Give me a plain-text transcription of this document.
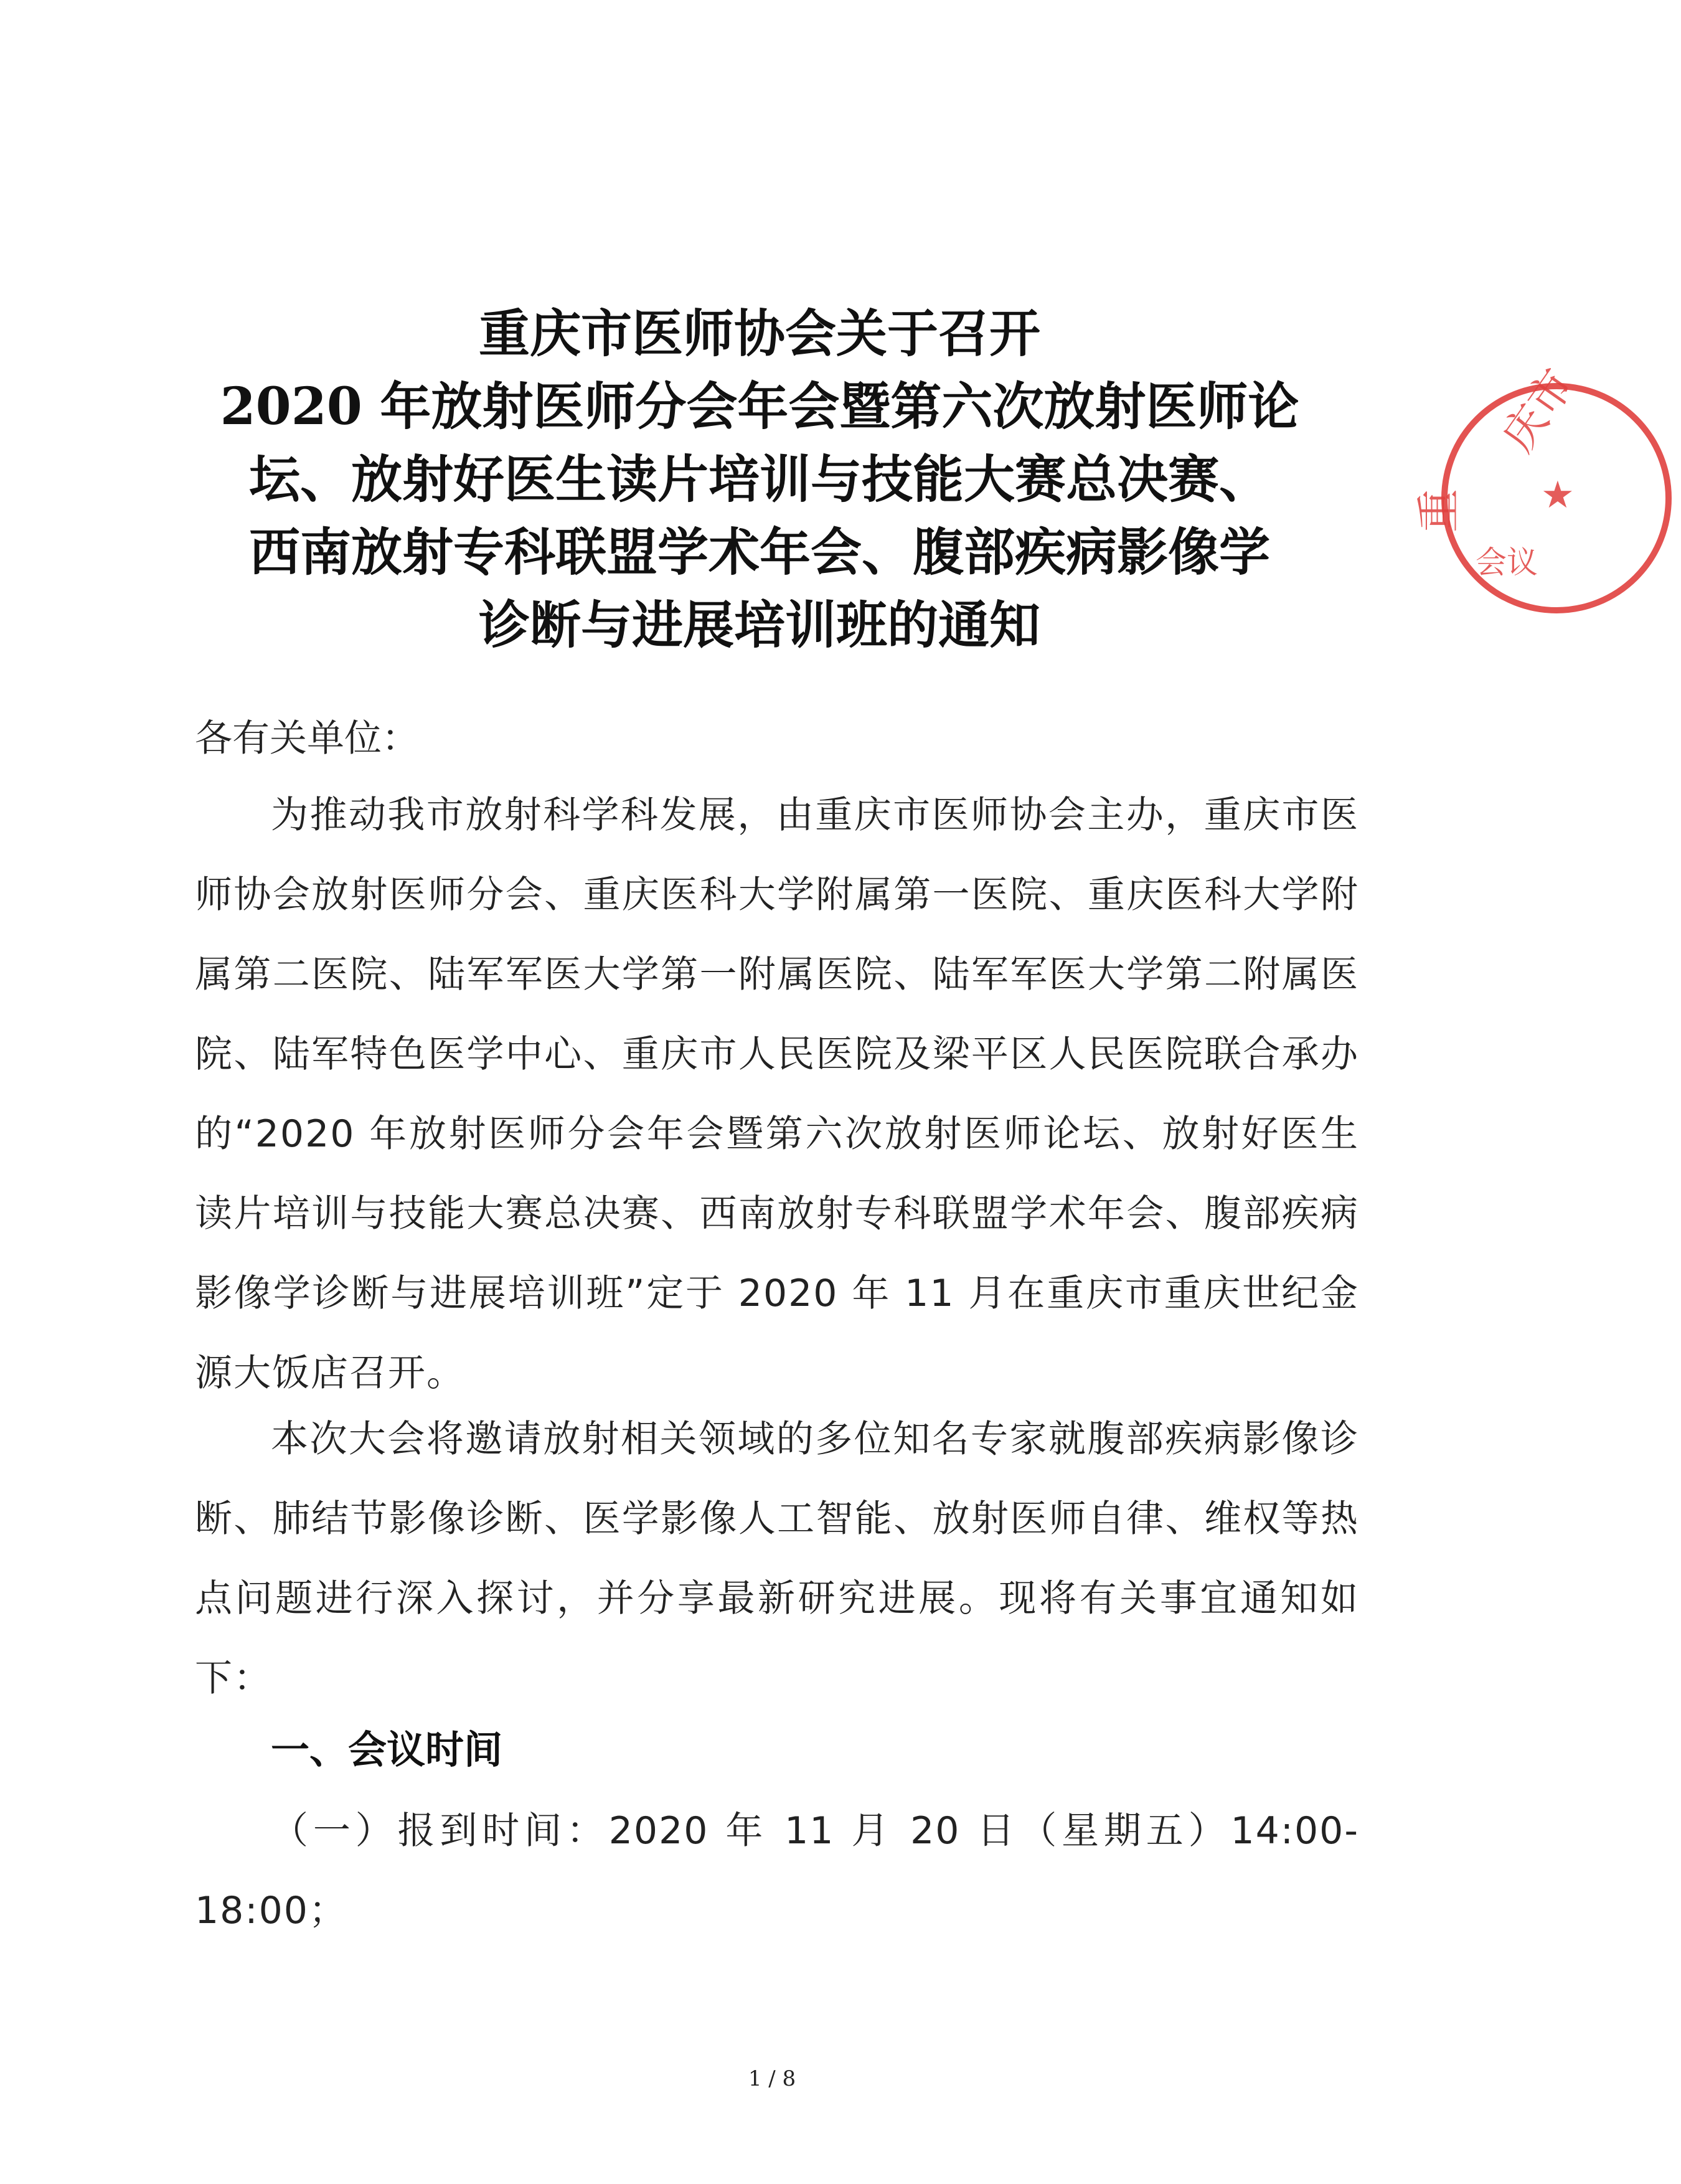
重庆市医师协会关于召开
2020 年放射医师分会年会暨第六次放射医师论
坛、放射好医生读片培训与技能大赛总决赛、
西南放射专科联盟学术年会、腹部疾病影像学
诊断与进展培训班的通知
各有关单位：
为推动我市放射科学科发展，由重庆市医师协会主办，重庆市医师协会放射医师分会、重庆医科大学附属第一医院、重庆医科大学附属第二医院、陆军军医大学第一附属医院、陆军军医大学第二附属医院、陆军特色医学中心、重庆市人民医院及梁平区人民医院联合承办的“2020 年放射医师分会年会暨第六次放射医师论坛、放射好医生读片培训与技能大赛总决赛、西南放射专科联盟学术年会、腹部疾病影像学诊断与进展培训班”定于 2020 年 11 月在重庆市重庆世纪金源大饭店召开。
本次大会将邀请放射相关领域的多位知名专家就腹部疾病影像诊断、肺结节影像诊断、医学影像人工智能、放射医师自律、维权等热点问题进行深入探讨，并分享最新研究进展。现将有关事宜通知如下：
一、会议时间
（一）报到时间：2020 年 11 月 20 日（星期五）14:00-18:00；
1 / 8
庆市
重
会议
★
